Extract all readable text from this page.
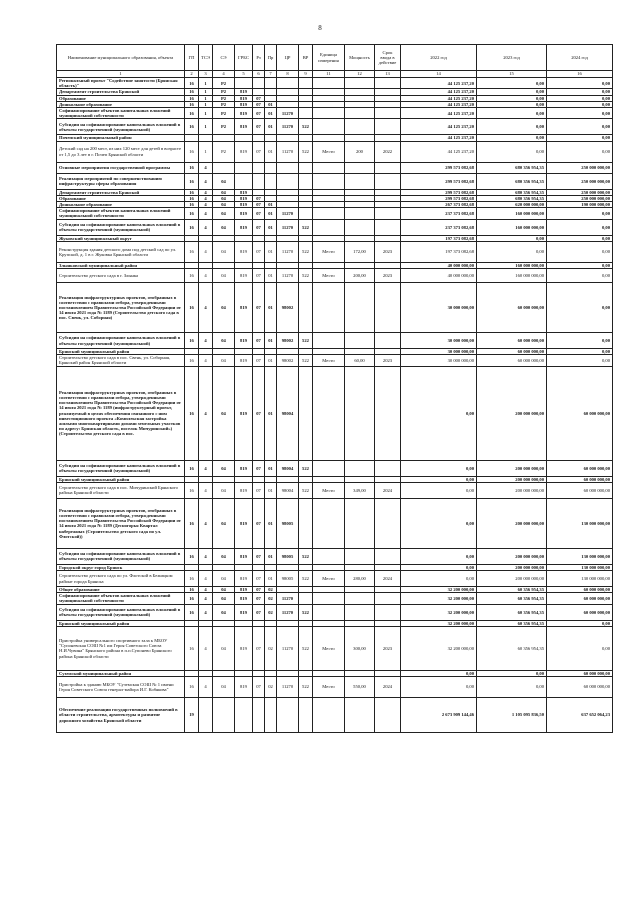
8
Наименование муниципального образования, объекта	ГП	ТСЭ	СЭ	ГРБС	Рз	Пр	ЦР	ВР	Единица измерения	Мощность	Срок ввода в действие	2022 год	2023 год	2024 год
1	2	3	4	5	6	7	8	9	11	12	13	14	15	16
Региональный проект "Содействие занятости (Брянская область)"	16	1	Р2									44 125 237,20	0,00	0,00
Департамент строительства Брянской	16	1	Р2	819								44 125 237,20	0,00	0,00
Образование	16	1	Р2	819	07							44 125 237,20	0,00	0,00
Дошкольное образование	16	1	Р2	819	07	01						44 125 237,20	0,00	0,00
Софинансирование объектов капитальных вложений муниципальной собственности	16	1	Р2	819	07	01	11270					44 125 237,20	0,00	0,00
Субсидии на софинансирование капитальных вложений в объекты государственной (муниципальной)	16	1	Р2	819	07	01	11270	522				44 125 237,20	0,00	0,00
Почепский муниципальный район												44 125 237,20	0,00	0,00
Детский сад на 200 мест, из них 120 мест для детей в возрасте от 1,5 до 3 лет в г. Почеп Брянской области	16	1	Р2	819	07	01	11270	522	Место	200	2022	44 125 237,20	0,00	0,00
Основные мероприятия государственной программы	16	4										299 573 082,68	680 356 954,35	250 000 000,00
Реализация мероприятий по совершенствованию инфраструктуры сферы образования	16	4	04									299 573 082,68	680 356 954,35	250 000 000,00
Департамент строительства Брянской	16	4	04	819								299 573 082,68	680 356 954,35	250 000 000,00
Образование	16	4	04	819	07							299 573 082,68	680 356 954,35	250 000 000,00
Дошкольное образование	16	4	04	819	07	01						267 373 082,68	620 000 000,00	190 000 000,00
Софинансирование объектов капитальных вложений муниципальной собственности	16	4	04	819	07	01	11270					237 373 082,68	160 000 000,00	0,00
Субсидии на софинансирование капитальных вложений в объекты государственной (муниципальной)	16	4	04	819	07	01	11270	522				237 373 082,68	160 000 000,00	0,00
Жуковский муниципальный округ												197 373 082,68	0,00	0,00
Реконструкция здания детского дома под детский сад по ул. Крупской, д. 1 в г. Жуковка Брянской области	16	4	04	819	07	01	11270	522	Место	172,00	2023	197 373 082,68	0,00	0,00
Злынковский муниципальный район												40 000 000,00	160 000 000,00	0,00
Строительство детского сада в г. Злынка	16	4	04	819	07	01	11270	522	Место	200,00	2023	40 000 000,00	160 000 000,00	0,00
Реализация инфраструктурных проектов, отобранных в соответствии с правилами отбора, утвержденными постановлением Правительства Российской Федерации от 14 июля 2021 года № 1189 (Строительство детского сада в пос. Свень, ул. Соборная)	16	4	04	819	07	01	98002					30 000 000,00	60 000 000,00	0,00
Субсидии на софинансирование капитальных вложений в объекты государственной (муниципальной)	16	4	04	819	07	01	98002	522				30 000 000,00	60 000 000,00	0,00
Брянский муниципальный район												30 000 000,00	60 000 000,00	0,00
Строительство детского сада в пос. Свень, ул. Соборная, Брянский район Брянской области	16	4	04	819	07	01	98002	522	Место	60,00	2023	30 000 000,00	60 000 000,00	0,00
Реализация инфраструктурных проектов, отобранных в соответствии с правилами отбора, утвержденными постановлением Правительства Российской Федерации от 14 июля 2021 года № 1189 (инфраструктурный проект, реализуемый в целях обеспечения связанного с ним инвестиционного проекта «Комплексная застройка жилыми многоквартирными домами земельных участков по адресу: Брянская область, поселок Мичуринский») (Строительство детского сада в пос.	16	4	04	819	07	01	98004					0,00	200 000 000,00	60 000 000,00
Субсидии на софинансирование капитальных вложений в объекты государственной (муниципальной)	16	4	04	819	07	01	98004	522				0,00	200 000 000,00	60 000 000,00
Брянский муниципальный район												0,00	200 000 000,00	60 000 000,00
Строительство детского сада в пос. Мичуринский Брянского района Брянской области	16	4	04	819	07	01	98004	522	Место	349,00	2024	0,00	200 000 000,00	60 000 000,00
Реализация инфраструктурных проектов, отобранных в соответствии с правилами отбора, утвержденными постановлением Правительства Российской Федерации от 14 июля 2021 года № 1189 (Десногорья Квартал набережных (Строительство детского сада по ул. Флотской))	16	4	04	819	07	01	98005					0,00	200 000 000,00	130 000 000,00
Субсидии на софинансирование капитальных вложений в объекты государственной (муниципальной)	16	4	04	819	07	01	98005	522				0,00	200 000 000,00	130 000 000,00
Городской округ город Брянск												0,00	200 000 000,00	130 000 000,00
Строительство детского сада по ул. Флотской в Бежицком районе города Брянска	16	4	04	819	07	01	98005	522	Место	280,00	2024	0,00	200 000 000,00	130 000 000,00
Общее образование	16	4	04	819	07	02						32 200 000,00	60 356 954,35	60 000 000,00
Софинансирование объектов капитальных вложений муниципальной собственности	16	4	04	819	07	02	11270					32 200 000,00	60 356 954,35	60 000 000,00
Субсидии на софинансирование капитальных вложений в объекты государственной (муниципальной)	16	4	04	819	07	02	11270	522				32 200 000,00	60 356 954,35	60 000 000,00
Брянский муниципальный район												32 200 000,00	60 356 954,35	0,00
Пристройка универсального спортивного зала к МБОУ "Супоневская СОШ №1 им Героя Советского Союза Н.И.Чувина" Брянского района в п.п.Супонево Брянского района Брянской области	16	4	04	819	07	02	11270	522	Место	300,00	2023	32 200 000,00	60 356 954,35	0,00
Суземский муниципальный район												0,00	0,00	60 000 000,00
Пристройка к зданию МБОУ "Суземская СОШ № 1 имени Героя Советского Союза генерал-майора И.Г. Кобякова"	16	4	04	819	07	02	11270	522	Место	550,00	2024	0,00	0,00	60 000 000,00
Обеспечение реализации государственных полномочий в области строительства, архитектуры и развитие дорожного хозяйства Брянской области	19											2 673 909 144,46	1 105 095 836,50	637 652 064,23
